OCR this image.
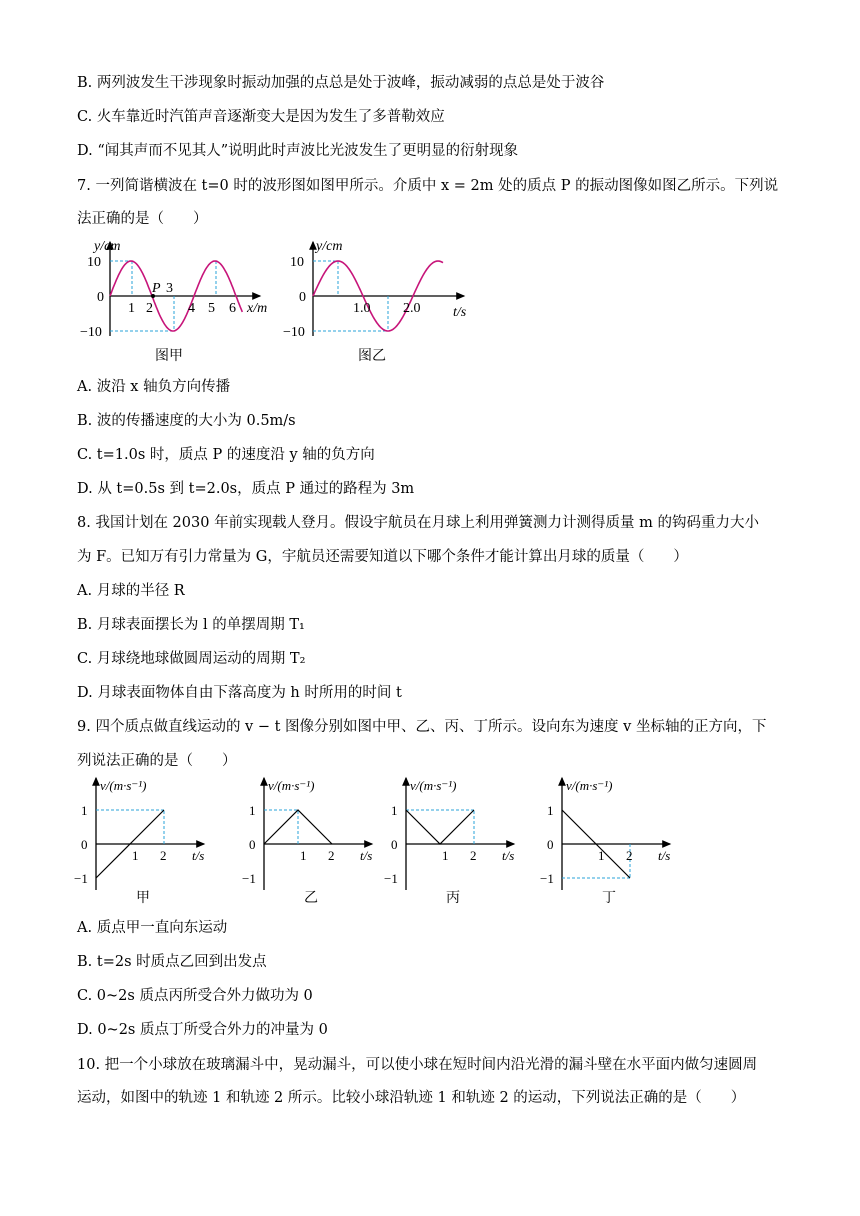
B. 两列波发生干涉现象时振动加强的点总是处于波峰，振动减弱的点总是处于波谷
C. 火车靠近时汽笛声音逐渐变大是因为发生了多普勒效应
D. “闻其声而不见其人”说明此时声波比光波发生了更明显的衍射现象
7. 一列简谐横波在 t=0 时的波形图如图甲所示。介质中 x = 2m 处的质点 P 的振动图像如图乙所示。下列说
法正确的是（　　）
y/cm
10
0
−10
1 2
3
4 5 6
P
x/m
图甲
y/cm
10
0
−10
1.0 2.0 t/s
图乙
A. 波沿 x 轴负方向传播
B. 波的传播速度的大小为 0.5m/s
C. t=1.0s 时，质点 P 的速度沿 y 轴的负方向
D. 从 t=0.5s 到 t=2.0s，质点 P 通过的路程为 3m
8. 我国计划在 2030 年前实现载人登月。假设宇航员在月球上利用弹簧测力计测得质量 m 的钩码重力大小
为 F。已知万有引力常量为 G，宇航员还需要知道以下哪个条件才能计算出月球的质量（　　）
A. 月球的半径 R
B. 月球表面摆长为 l 的单摆周期 T₁
C. 月球绕地球做圆周运动的周期 T₂
D. 月球表面物体自由下落高度为 h 时所用的时间 t
9. 四个质点做直线运动的 v − t 图像分别如图中甲、乙、丙、丁所示。设向东为速度 v 坐标轴的正方向，下
列说法正确的是（　　）
v/(m·s⁻¹)
1
0
−1
1 2 t/s
甲
v/(m·s⁻¹)
1
0
−1
1 2 t/s
乙
v/(m·s⁻¹)
1
0
−1
1 2 t/s
丙
v/(m·s⁻¹)
1
0
−1
1 2 t/s
丁
A. 质点甲一直向东运动
B. t=2s 时质点乙回到出发点
C. 0~2s 质点丙所受合外力做功为 0
D. 0~2s 质点丁所受合外力的冲量为 0
10. 把一个小球放在玻璃漏斗中，晃动漏斗，可以使小球在短时间内沿光滑的漏斗壁在水平面内做匀速圆周
运动，如图中的轨迹 1 和轨迹 2 所示。比较小球沿轨迹 1 和轨迹 2 的运动，下列说法正确的是（　　）
